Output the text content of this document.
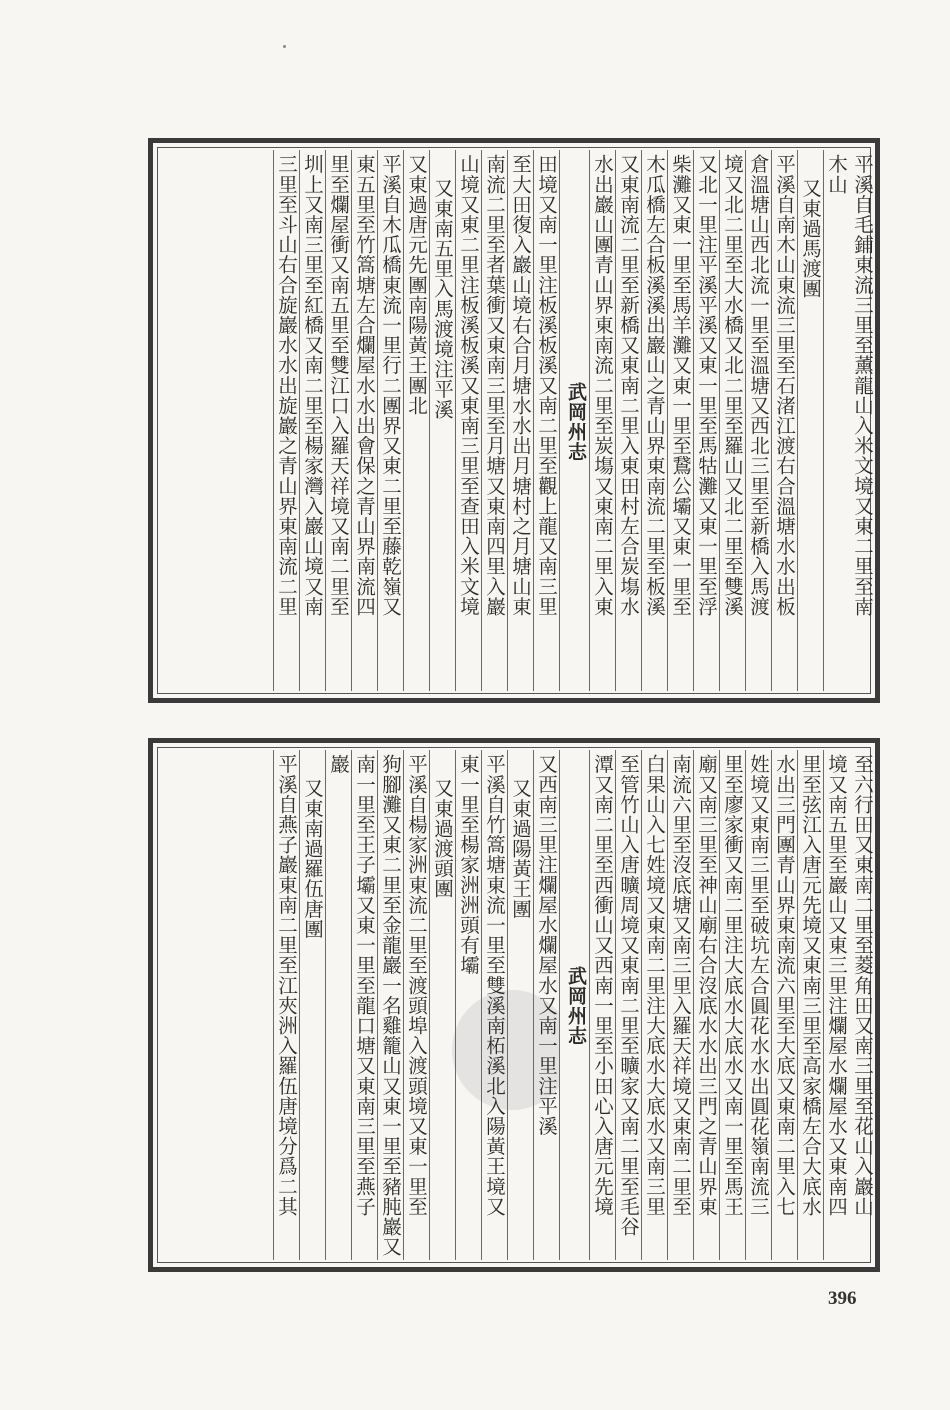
平溪自毛鋪東流三里至薰龍山入米文境又東二里至南
木山
又東過馬渡團
平溪自南木山東流三里至石渚江渡右合溫塘水水出板
倉溫塘山西北流一里至溫塘又西北三里至新橋入馬渡
境又北二里至大水橋又北二里至羅山又北二里至雙溪
又北一里注平溪平溪又東一里至馬牯灘又東一里至浮
柴灘又東一里至馬羊灘又東一里至鵞公壩又東一里至
木瓜橋左合板溪溪出巖山之青山界東南流二里至板溪
又東南流二里至新橋又東南二里入東田村左合炭塲水
水出巖山團青山界東南流二里至炭塲又東南二里入東
武岡州志
田境又南一里注板溪板溪又南二里至觀上龍又南三里
至大田復入巖山境右合月塘水水出月塘村之月塘山東
南流二里至者葉衝又東南三里至月塘又東南四里入巖
山境又東二里注板溪板溪又東南三里至查田入米文境
又東南五里入馬渡境注平溪
又東過唐元先團南陽黃王團北
平溪自木瓜橋東流一里行二團界又東二里至藤乾嶺又
東五里至竹篙塘左合爛屋水水出會保之青山界南流四
里至爛屋衝又南五里至雙江口入羅天祥境又南二里至
圳上又南三里至紅橋又南二里至楊家灣入巖山境又南
三里至斗山右合旋巖水水出旋巖之青山界東南流二里
至六行田又東南二里至菱角田又南三里至花山入巖山
境又南五里至巖山又東三里注爛屋水爛屋水又東南四
里至弦江入唐元先境又東南三里至高家橋左合大底水
水出三門團青山界東南流六里至大底又東南二里入七
姓境又東南三里至破坑左合圓花水水出圓花嶺南流三
里至廖家衝又南二里注大底水大底水又南一里至馬王
廟又南三里至神山廟右合沒底水水出三門之青山界東
南流六里至沒底塘又南三里入羅天祥境又東南二里至
白果山入七姓境又東南二里注大底水大底水又南三里
至管竹山入唐曠周境又東南二里至曠家又南二里至毛谷
潭又南二里至西衝山又西南一里至小田心入唐元先境
武岡州志
又西南三里注爛屋水爛屋水又南一里注平溪
又東過陽黃王團
平溪自竹篙塘東流一里至雙溪南柘溪北入陽黃王境又
東一里至楊家洲洲頭有壩
又東過渡頭團
平溪自楊家洲東流二里至渡頭埠入渡頭境又東一里至
狗腳灘又東二里至金龍巖一名雞籠山又東一里至豬肫巖又
南一里至王子壩又東一里至龍口塘又東南三里至燕子
巖
又東南過羅伍唐團
平溪自燕子巖東南二里至江夾洲入羅伍唐境分爲二其
396
